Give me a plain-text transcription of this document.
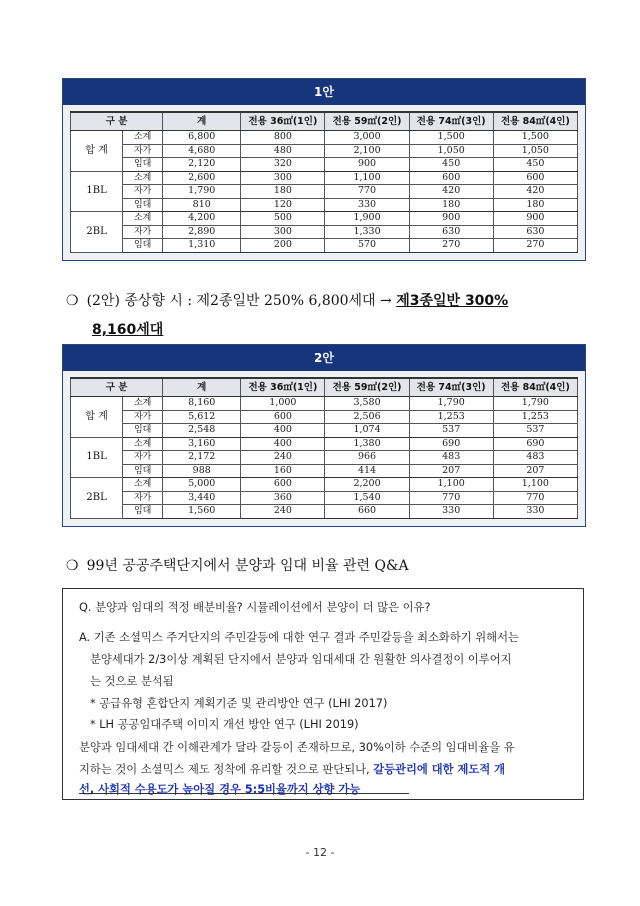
1안
구 분		계	전용 36㎡(1인)	전용 59㎡(2인)	전용 74㎡(3인)	전용 84㎡(4인)
합 계	소계	6,800	800	3,000	1,500	1,500
	자가	4,680	480	2,100	1,050	1,050
	임대	2,120	320	900	450	450
1BL	소계	2,600	300	1,100	600	600
	자가	1,790	180	770	420	420
	임대	810	120	330	180	180
2BL	소계	4,200	500	1,900	900	900
	자가	2,890	300	1,330	630	630
	임대	1,310	200	570	270	270
❍ (2안) 종상향 시 : 제2종일반 250% 6,800세대 → 제3종일반 300%
8,160세대
2안
구 분		계	전용 36㎡(1인)	전용 59㎡(2인)	전용 74㎡(3인)	전용 84㎡(4인)
합 계	소계	8,160	1,000	3,580	1,790	1,790
	자가	5,612	600	2,506	1,253	1,253
	임대	2,548	400	1,074	537	537
1BL	소계	3,160	400	1,380	690	690
	자가	2,172	240	966	483	483
	임대	988	160	414	207	207
2BL	소계	5,000	600	2,200	1,100	1,100
	자가	3,440	360	1,540	770	770
	임대	1,560	240	660	330	330
❍ 99년 공공주택단지에서 분양과 임대 비율 관련 Q&A
Q. 분양과 임대의 적정 배분비율? 시뮬레이션에서 분양이 더 많은 이유?
A. 기존 소셜믹스 주거단지의 주민갈등에 대한 연구 결과 주민갈등을 최소화하기 위해서는
분양세대가 2/3이상 계획된 단지에서 분양과 임대세대 간 원활한 의사결정이 이루어지
는 것으로 분석됨
* 공급유형 혼합단지 계획기준 및 관리방안 연구 (LHI 2017)
* LH 공공임대주택 이미지 개선 방안 연구 (LHI 2019)
분양과 임대세대 간 이해관계가 달라 갈등이 존재하므로, 30%이하 수준의 임대비율을 유
지하는 것이 소셜믹스 제도 정착에 유리할 것으로 판단되나, 갈등관리에 대한 제도적 개
선, 사회적 수용도가 높아질 경우 5:5비율까지 상향 가능
- 12 -
